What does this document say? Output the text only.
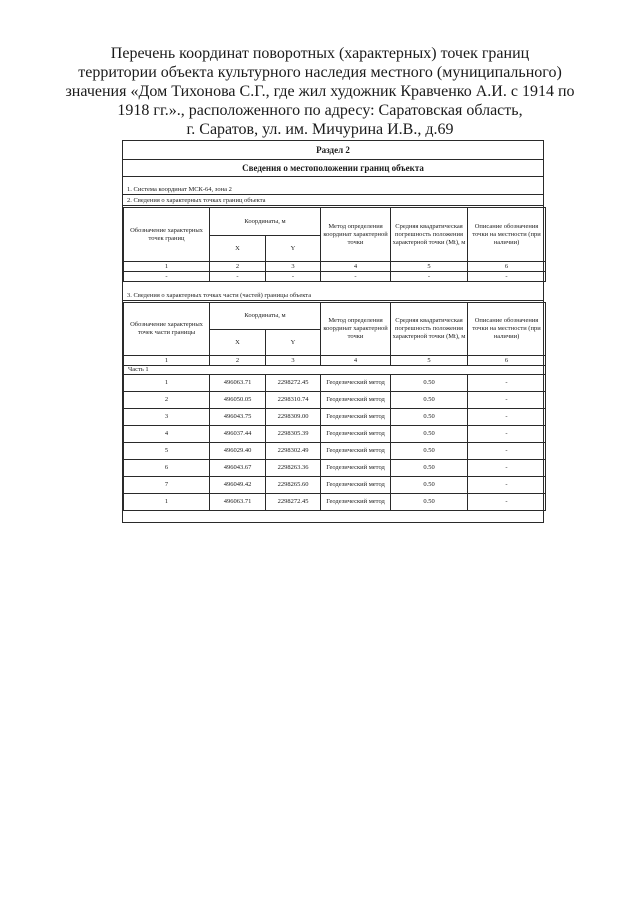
Перечень координат поворотных (характерных) точек границ
территории объекта культурного наследия местного (муниципального)
значения «Дом Тихонова С.Г., где жил художник Кравченко А.И. с 1914 по
1918 гг.»., расположенного по адресу: Саратовская область,
г. Саратов, ул. им. Мичурина И.В., д.69
Раздел 2
Сведения о местоположении границ объекта
1. Система координат МСК-64, зона 2
2. Сведения о характерных точках границ объекта
Обозначение характерных точек границ	Координаты, м		Метод определения координат характерной точки	Средняя квадратическая погрешность положения характерной точки (Mt), м	Описание обозначения точки на местности (при наличии)
	X	Y			
1	2	3	4	5	6
-	-	-	-	-	-
3. Сведения о характерных точках части (частей) границы объекта
Обозначение характерных точек части границы	Координаты, м		Метод определения координат характерной точки	Средняя квадратическая погрешность положения характерной точки (Mt), м	Описание обозначения точки на местности (при наличии)
	X	Y			
1	2	3	4	5	6
Часть 1					
1	496063.71	2298272.45	Геодезический метод	0.50	-
2	496050.05	2298310.74	Геодезический метод	0.50	-
3	496043.75	2298309.00	Геодезический метод	0.50	-
4	496037.44	2298305.39	Геодезический метод	0.50	-
5	496029.40	2298302.49	Геодезический метод	0.50	-
6	496043.67	2298263.36	Геодезический метод	0.50	-
7	496049.42	2298265.60	Геодезический метод	0.50	-
1	496063.71	2298272.45	Геодезический метод	0.50	-
